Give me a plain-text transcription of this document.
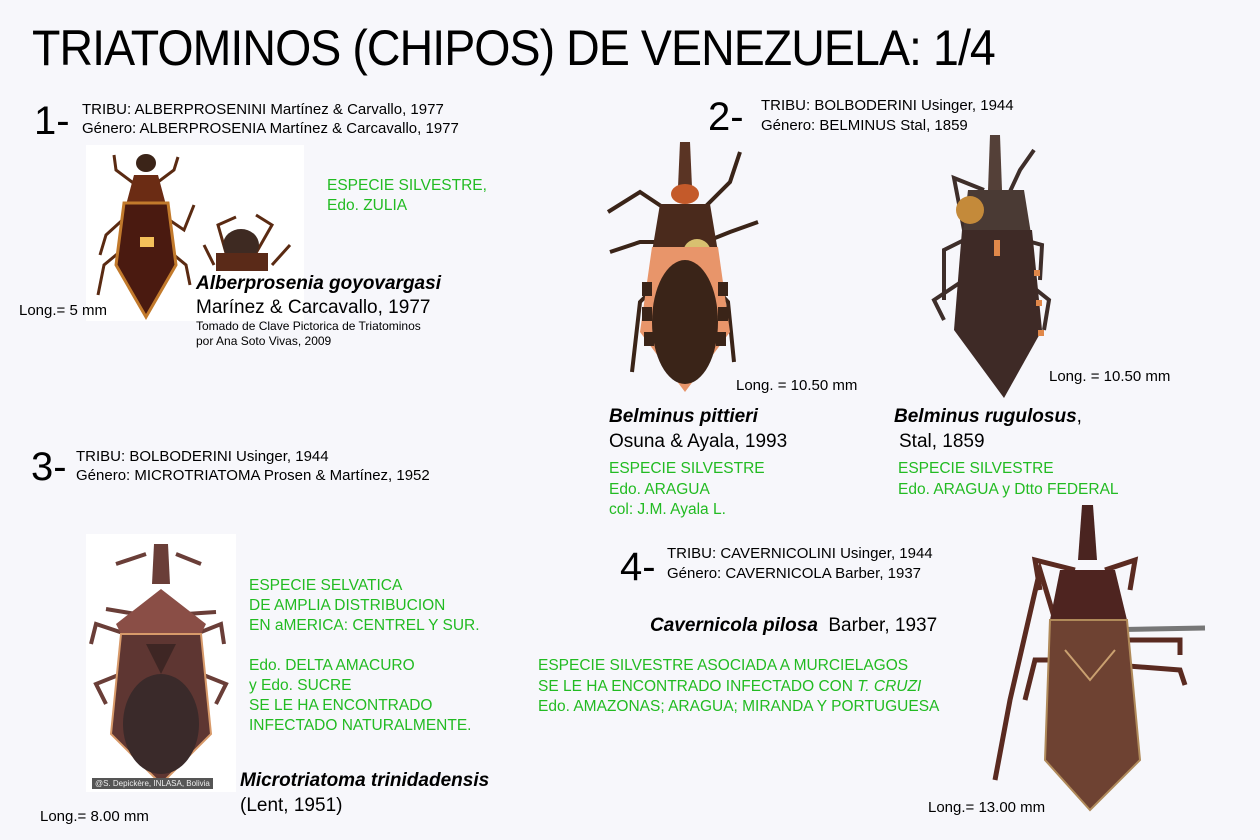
TRIATOMINOS (CHIPOS) DE VENEZUELA: 1/4
1- TRIBU: ALBERPROSENINI Martínez & Carvallo, 1977
Género: ALBERPROSENIA Martínez & Carcavallo, 1977
ESPECIE SILVESTRE,
Edo. ZULIA
Long.= 5 mm
Alberprosenia goyovargasi
Marínez & Carcavallo, 1977
Tomado de Clave Pictorica de Triatominos
por Ana Soto Vivas, 2009
2- TRIBU: BOLBODERINI Usinger, 1944
Género: BELMINUS Stal, 1859
Long. = 10.50 mm
Long. = 10.50 mm
Belminus pittieri
Osuna & Ayala, 1993
ESPECIE SILVESTRE
Edo. ARAGUA
col: J.M. Ayala L.
Belminus rugulosus,
Stal, 1859
ESPECIE SILVESTRE
Edo. ARAGUA y Dtto FEDERAL
3- TRIBU: BOLBODERINI Usinger, 1944
Género: MICROTRIATOMA Prosen & Martínez, 1952
@S. Depickère, INLASA, Bolivia
ESPECIE SELVATICA
DE AMPLIA DISTRIBUCION
EN aMERICA: CENTREL Y SUR.
Edo. DELTA AMACURO
y Edo. SUCRE
SE LE HA ENCONTRADO
INFECTADO NATURALMENTE.
Microtriatoma trinidadensis
(Lent, 1951)
Long.= 8.00 mm
4- TRIBU: CAVERNICOLINI Usinger, 1944
Género: CAVERNICOLA Barber, 1937
Cavernicola pilosa Barber, 1937
ESPECIE SILVESTRE ASOCIADA A MURCIELAGOS
SE LE HA ENCONTRADO INFECTADO CON T. CRUZI
Edo. AMAZONAS; ARAGUA; MIRANDA Y PORTUGUESA
Long.= 13.00 mm
